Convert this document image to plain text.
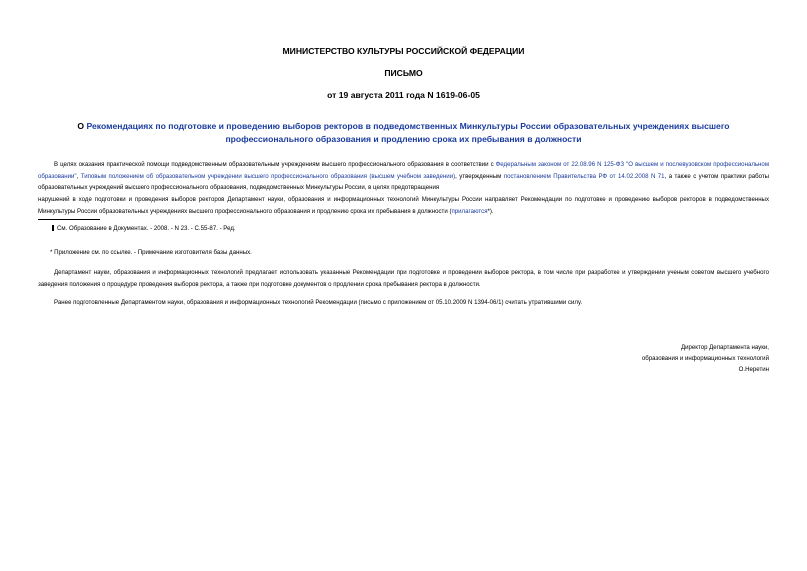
МИНИСТЕРСТВО КУЛЬТУРЫ РОССИЙСКОЙ ФЕДЕРАЦИИ
ПИСЬМО
от 19 августа 2011 года N 1619-06-05
О Рекомендациях по подготовке и проведению выборов ректоров в подведомственных Минкультуры России образовательных учреждениях высшего профессионального образования и продлению срока их пребывания в должности
В целях оказания практической помощи подведомственным образовательным учреждениям высшего профессионального образования в соответствии с Федеральным законом от 22.08.96 N 125-ФЗ "О высшем и послевузовском профессиональном образовании", Типовым положением об образовательном учреждении высшего профессионального образования (высшем учебном заведении), утвержденным постановлением Правительства РФ от 14.02.2008 N 71, а также с учетом практики работы образовательных учреждений высшего профессионального образования, подведомственных Минкультуры России, в целях предотвращения
нарушений в ходе подготовки и проведения выборов ректоров Департамент науки, образования и информационных технологий Минкультуры России направляет Рекомендации по подготовке и проведению выборов ректоров в подведомственных Минкультуры России образовательных учреждениях высшего профессионального образования и продлению срока их пребывания в должности (прилагаются*).
См. Образование в Документах. - 2008. - N 23. - С.55-87. - Ред.
* Приложение см. по ссылке. - Примечание изготовителя базы данных.
Департамент науки, образования и информационных технологий предлагает использовать указанные Рекомендации при подготовке и проведении выборов ректора, в том числе при разработке и утверждении ученым советом высшего учебного заведения положения о процедуре проведения выборов ректора, а также при подготовке документов о продлении срока пребывания ректора в должности.
Ранее подготовленные Департаментом науки, образования и информационных технологий Рекомендации (письмо с приложением от 05.10.2009 N 1394-06/1) считать утратившими силу.
Директор Департамента науки,
образования и информационных технологий
О.Неретин
